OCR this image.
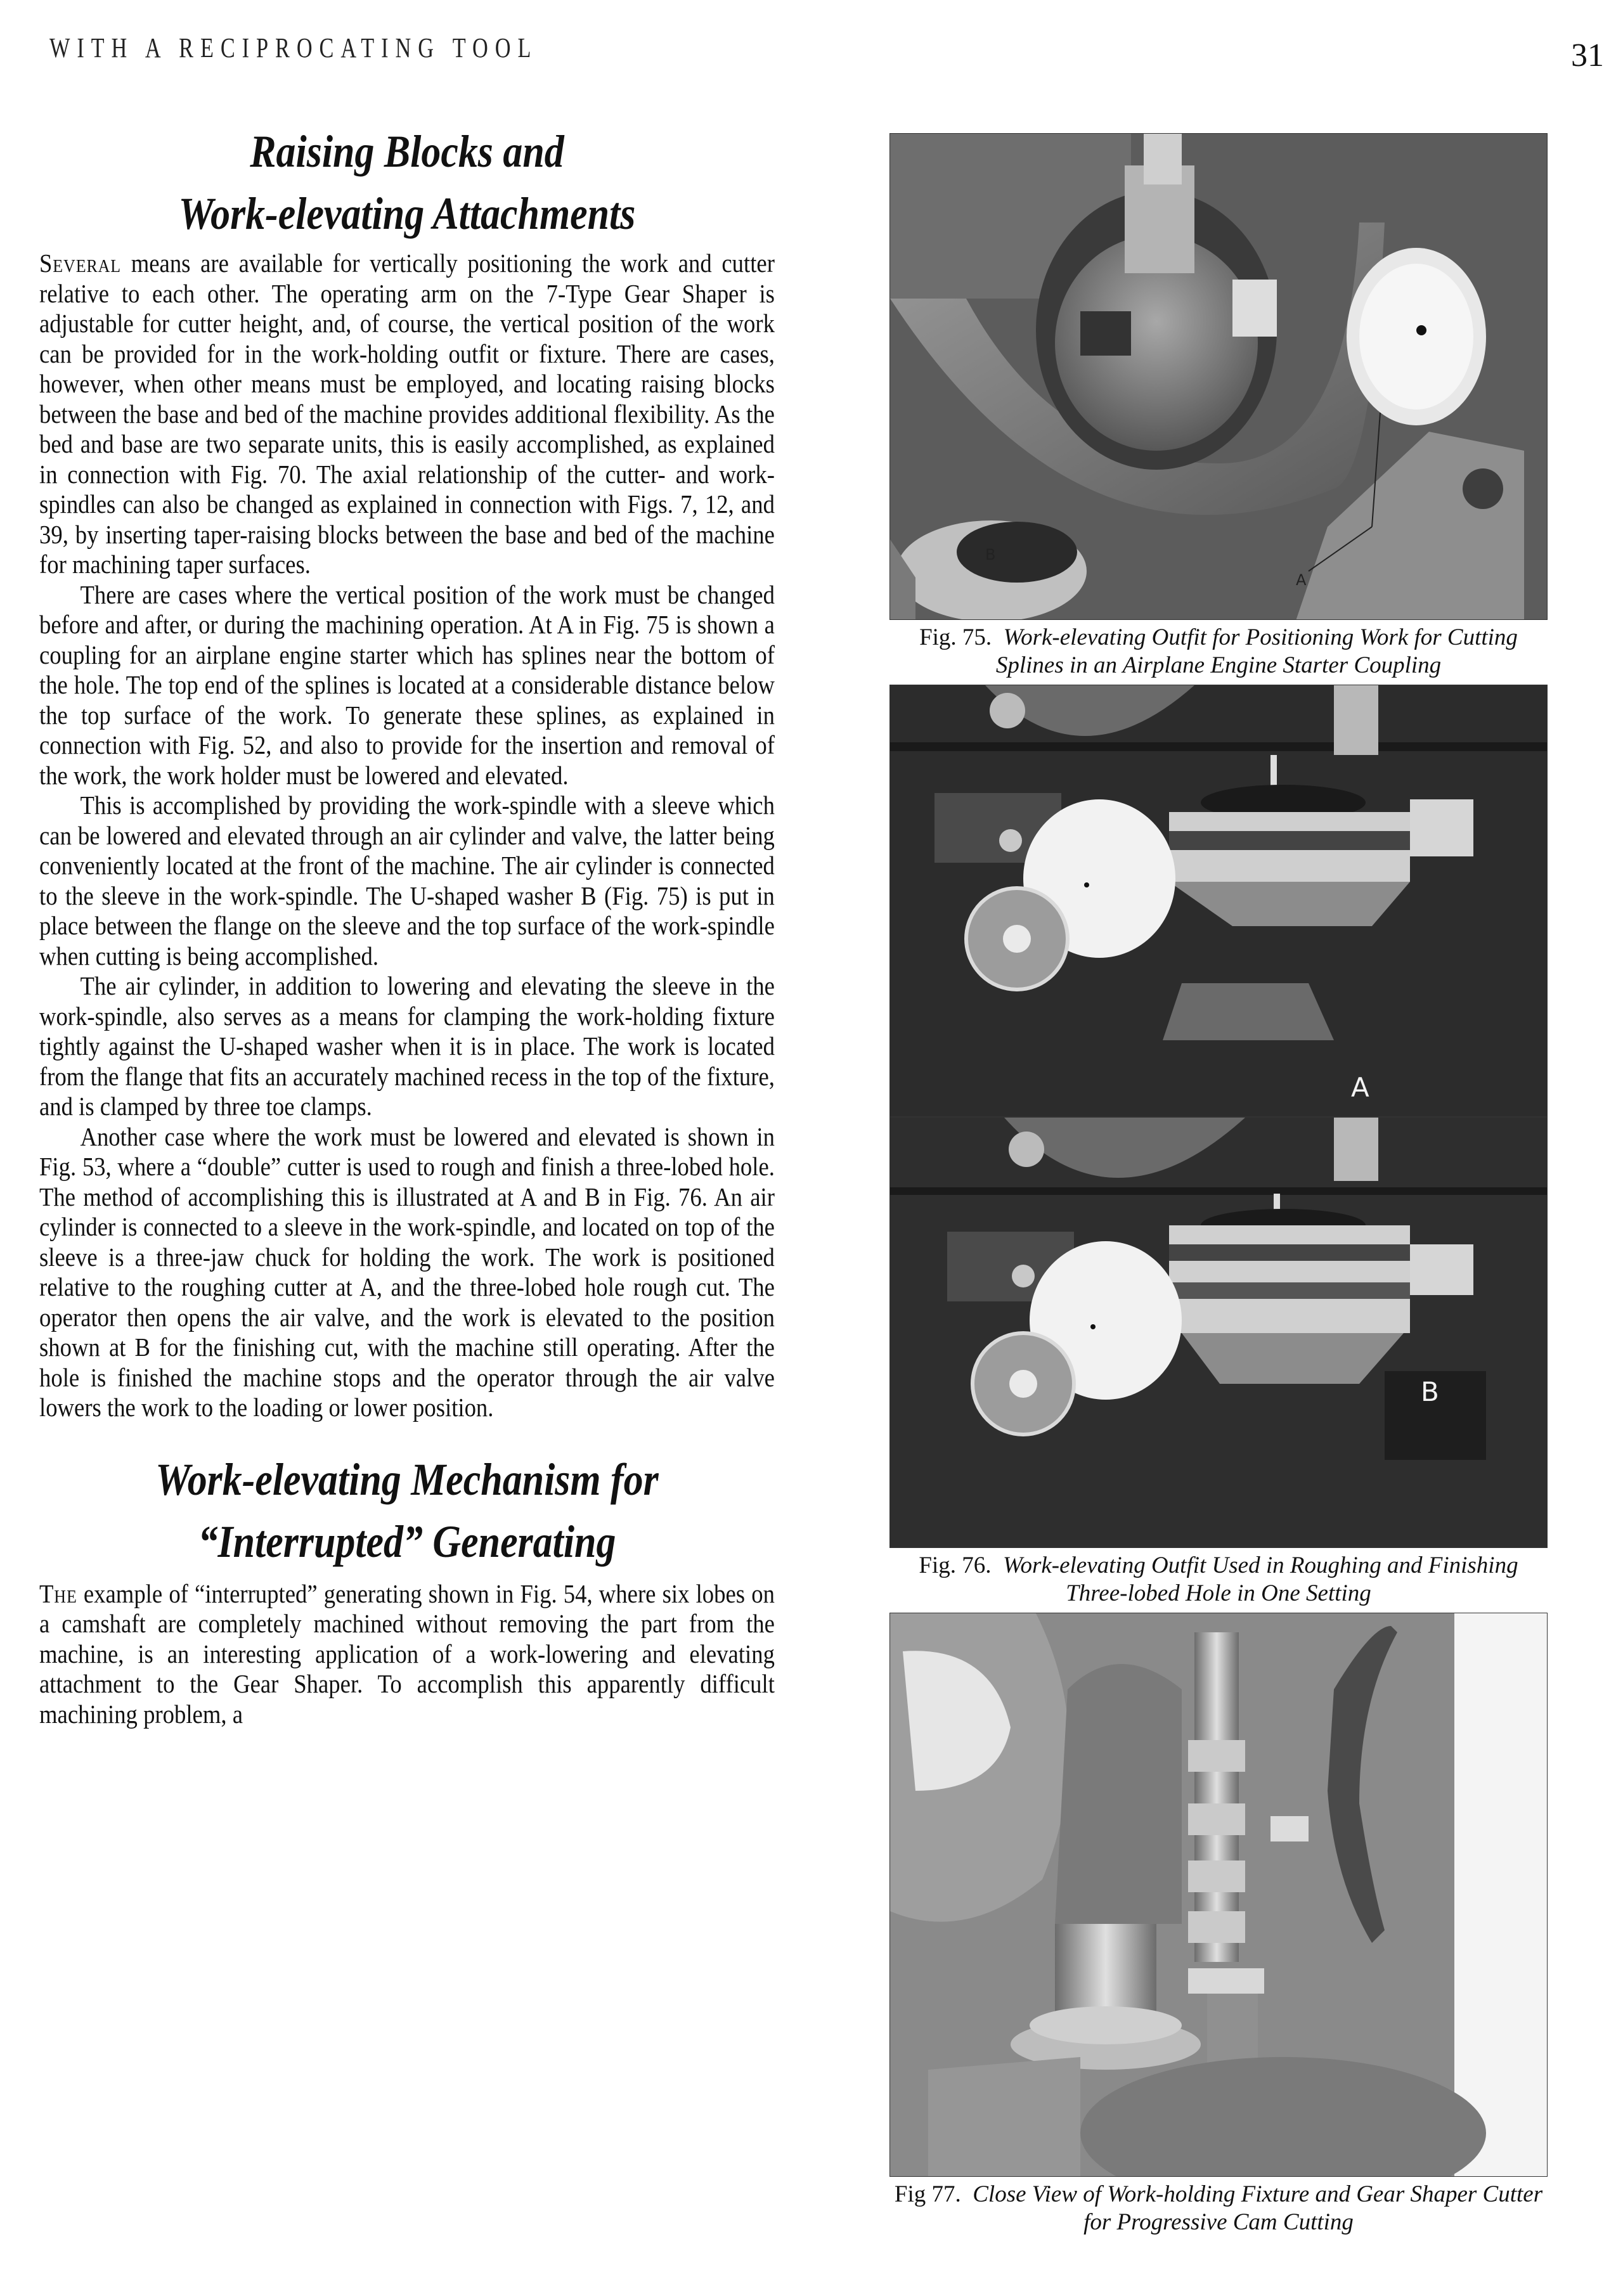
WITH A RECIPROCATING TOOL	31
Raising Blocks and
Work-elevating Attachments

Several means are available for vertically positioning the work and cutter relative to each other. The operating arm on the 7-Type Gear Shaper is adjustable for cutter height, and, of course, the vertical position of the work can be provided for in the work-holding outfit or fixture. There are cases, however, when other means must be employed, and locating raising blocks between the base and bed of the machine provides additional flexibility. As the bed and base are two separate units, this is easily accomplished, as explained in connection with Fig. 70. The axial relationship of the cutter- and work-spindles can also be changed as explained in connection with Figs. 7, 12, and 39, by inserting taper-raising blocks between the base and bed of the machine for machining taper surfaces.

There are cases where the vertical position of the work must be changed before and after, or during the machining operation. At A in Fig. 75 is shown a coupling for an airplane engine starter which has splines near the bottom of the hole. The top end of the splines is located at a considerable distance below the top surface of the work. To generate these splines, as explained in connection with Fig. 52, and also to provide for the insertion and removal of the work, the work holder must be lowered and elevated.

This is accomplished by providing the work-spindle with a sleeve which can be lowered and elevated through an air cylinder and valve, the latter being conveniently located at the front of the machine. The air cylinder is connected to the sleeve in the work-spindle. The U-shaped washer B (Fig. 75) is put in place between the flange on the sleeve and the top surface of the work-spindle when cutting is being accomplished.

The air cylinder, in addition to lowering and elevating the sleeve in the work-spindle, also serves as a means for clamping the work-holding fixture tightly against the U-shaped washer when it is in place. The work is located from the flange that fits an accurately machined recess in the top of the fixture, and is clamped by three toe clamps.

Another case where the work must be lowered and elevated is shown in Fig. 53, where a “double” cutter is used to rough and finish a three-lobed hole. The method of accomplishing this is illustrated at A and B in Fig. 76. An air cylinder is connected to a sleeve in the work-spindle, and located on top of the sleeve is a three-jaw chuck for holding the work. The work is positioned relative to the roughing cutter at A, and the three-lobed hole rough cut. The operator then opens the air valve, and the work is elevated to the position shown at B for the finishing cut, with the machine still operating. After the hole is finished the machine stops and the operator through the air valve lowers the work to the loading or lower position.

Work-elevating Mechanism for
“Interrupted” Generating

The example of “interrupted” generating shown in Fig. 54, where six lobes on a camshaft are completely machined without removing the part from the machine, is an interesting application of a work-lowering and elevating attachment to the Gear Shaper. To accomplish this apparently difficult machining problem, a

B
A
Fig. 75. Work-elevating Outfit for Positioning Work for Cutting Splines in an Airplane Engine Starter Coupling
A
B
Fig. 76. Work-elevating Outfit Used in Roughing and Finishing Three-lobed Hole in One Setting
Fig 77. Close View of Work-holding Fixture and Gear Shaper Cutter for Progressive Cam Cutting
